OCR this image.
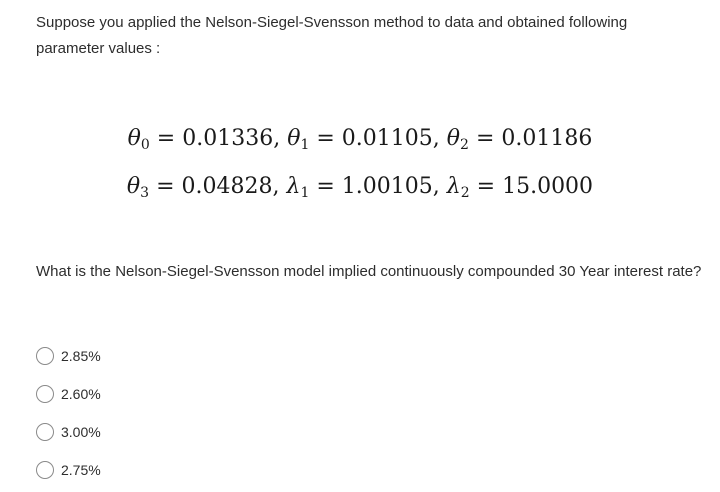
Suppose you applied the Nelson-Siegel-Svensson method to data and obtained following parameter values :

$\theta_0 = 0.01336$, $\theta_1 = 0.01105$, $\theta_2 = 0.01186$
$\theta_3 = 0.04828$, $\lambda_1 = 1.00105$, $\lambda_2 = 15.0000$

What is the Nelson-Siegel-Svensson model implied continuously compounded 30 Year interest rate?

2.85%
2.60%
3.00%
2.75%
